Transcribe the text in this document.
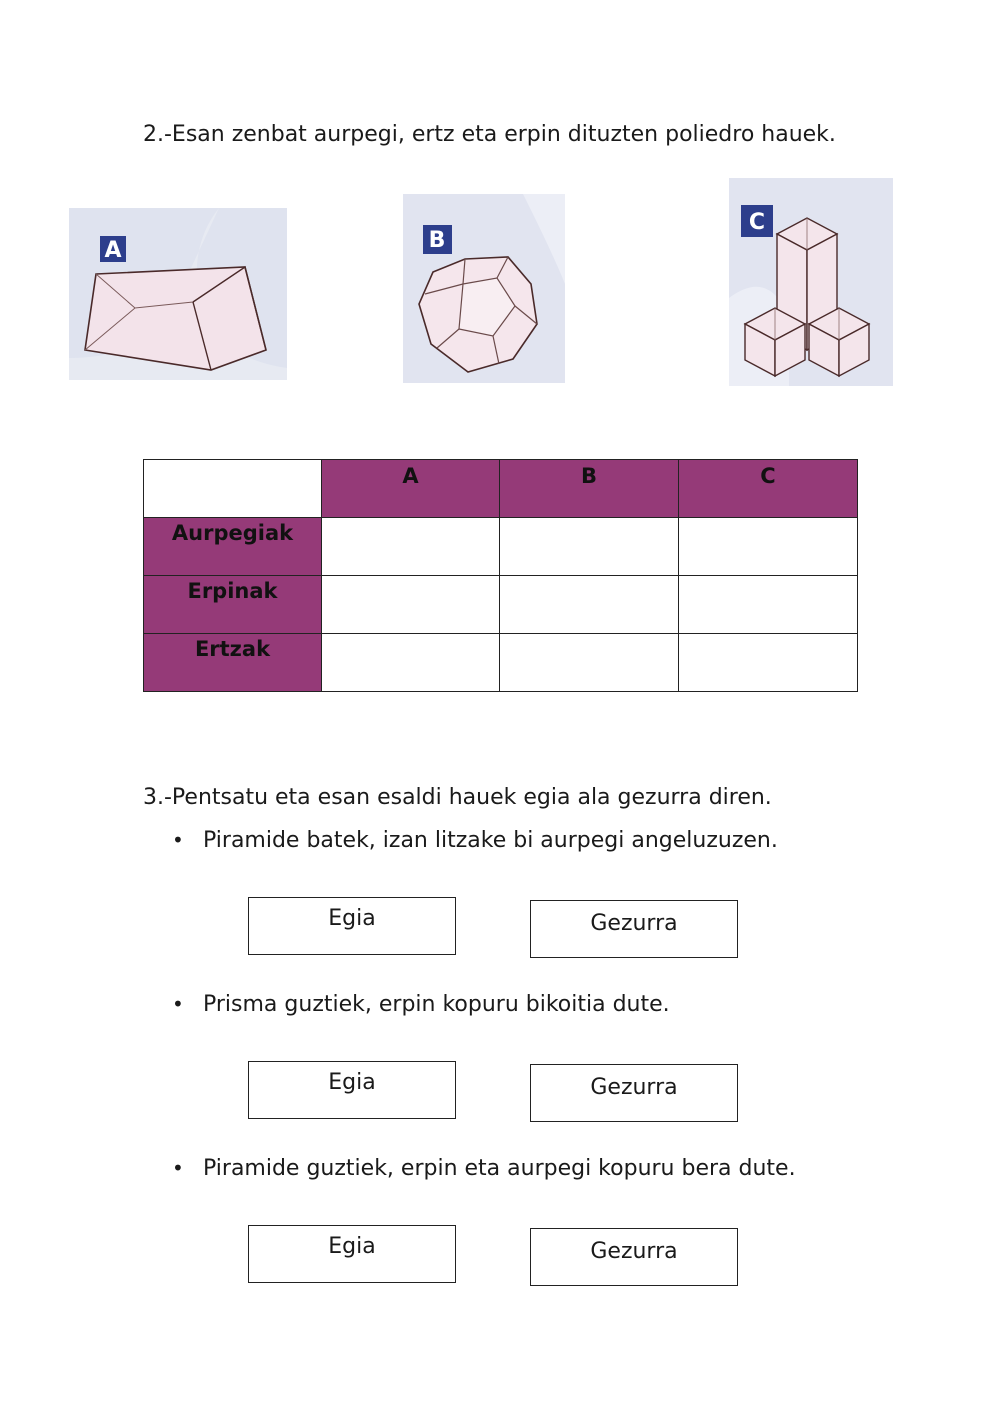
2.-Esan zenbat aurpegi, ertz eta erpin dituzten poliedro hauek.

A	B
C
	A	B	C
Aurpegiak			
Erpinak			
Ertzak			

3.-Pentsatu eta esan esaldi hauek egia ala gezurra diren.

• Piramide batek, izan litzake bi aurpegi angeluzuzen.

Egia	Gezurra

• Prisma guztiek, erpin kopuru bikoitia dute.

Egia	Gezurra

• Piramide guztiek, erpin eta aurpegi kopuru bera dute.

Egia	Gezurra
